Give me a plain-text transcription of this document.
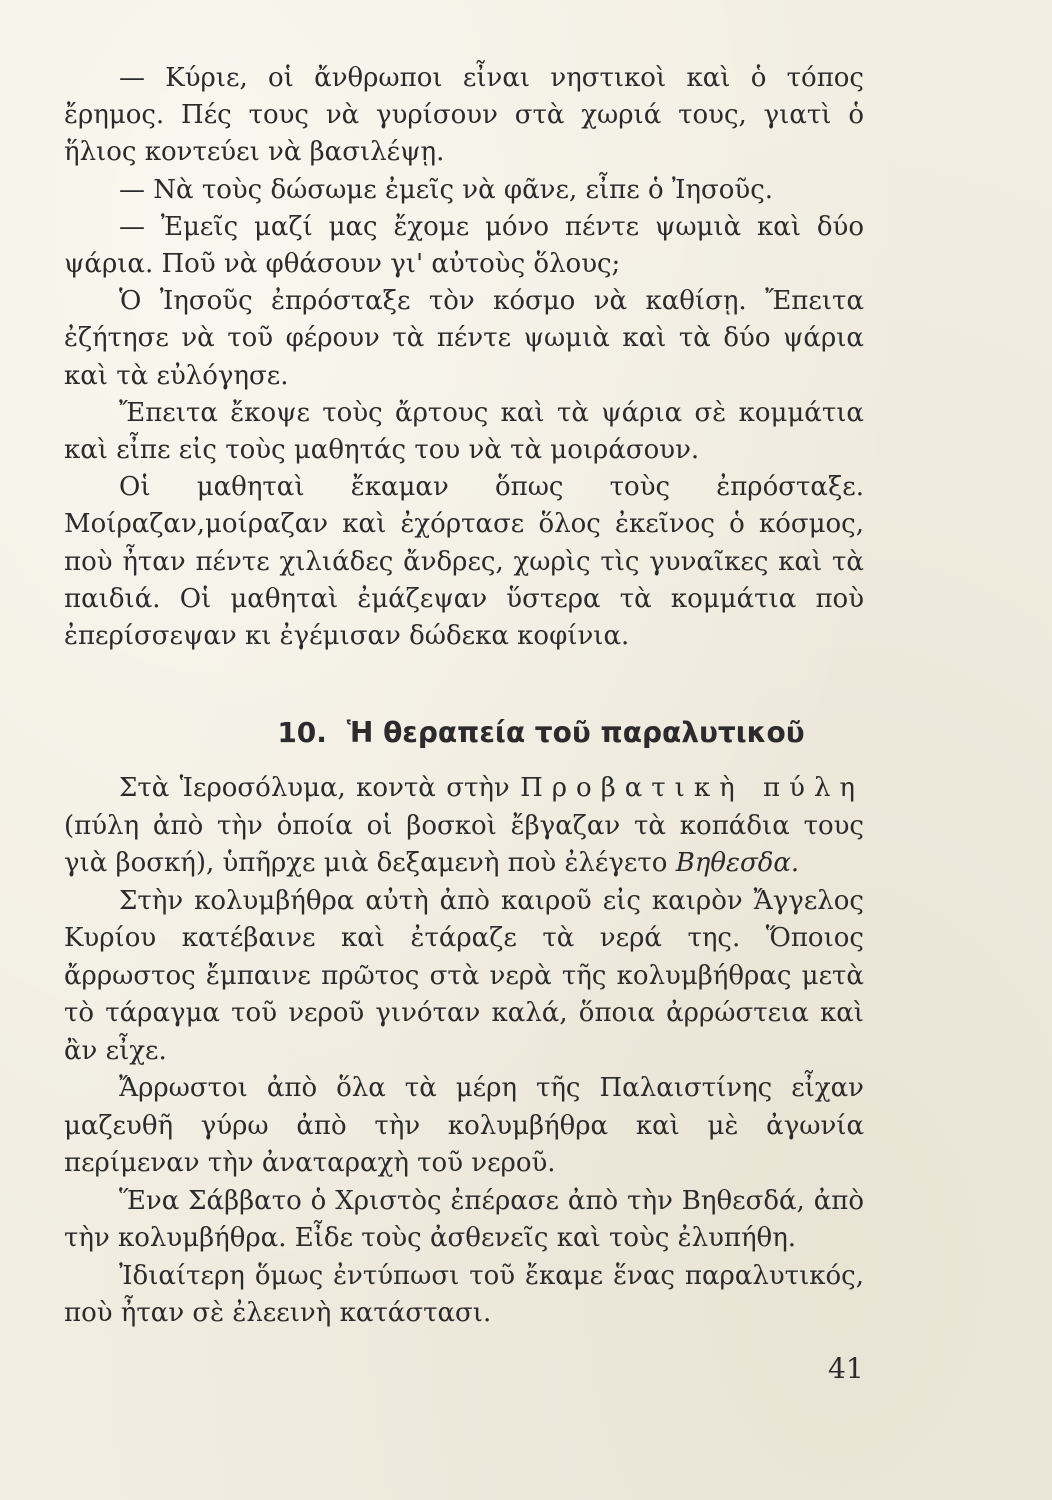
— Κύριε, οἱ ἄνθρωποι εἶναι νηστικοὶ καὶ ὁ τόπος ἔρημος. Πές τους νὰ γυρίσουν στὰ χωριά τους, γιατὶ ὁ ἥλιος κοντεύει νὰ βασιλέψῃ.

— Νὰ τοὺς δώσωμε ἐμεῖς νὰ φᾶνε, εἶπε ὁ Ἰησοῦς.

— Ἐμεῖς μαζί μας ἔχομε μόνο πέντε ψωμιὰ καὶ δύο ψάρια. Ποῦ νὰ φθάσουν γι' αὐτοὺς ὅλους;

Ὁ Ἰησοῦς ἐπρόσταξε τὸν κόσμο νὰ καθίσῃ. Ἔπειτα ἐζήτησε νὰ τοῦ φέρουν τὰ πέντε ψωμιὰ καὶ τὰ δύο ψάρια καὶ τὰ εὐλόγησε.

Ἔπειτα ἔκοψε τοὺς ἄρτους καὶ τὰ ψάρια σὲ κομμάτια καὶ εἶπε εἰς τοὺς μαθητάς του νὰ τὰ μοιράσουν.

Οἱ μαθηταὶ ἔκαμαν ὅπως τοὺς ἐπρόσταξε. Μοίραζαν,μοίραζαν καὶ ἐχόρτασε ὅλος ἐκεῖνος ὁ κόσμος, ποὺ ἦταν πέντε χιλιάδες ἄνδρες, χωρὶς τὶς γυναῖκες καὶ τὰ παιδιά. Οἱ μαθηταὶ ἐμάζεψαν ὕστερα τὰ κομμάτια ποὺ ἐπερίσσεψαν κι ἐγέμισαν δώδεκα κοφίνια.

10. Ἡ θεραπεία τοῦ παραλυτικοῦ

Στὰ Ἱεροσόλυμα, κοντὰ στὴν Προβατικὴ πύλη (πύλη ἀπὸ τὴν ὁποία οἱ βοσκοὶ ἔβγαζαν τὰ κοπάδια τους γιὰ βοσκή), ὑπῆρχε μιὰ δεξαμενὴ ποὺ ἐλέγετο Βηθεσδα.

Στὴν κολυμβήθρα αὐτὴ ἀπὸ καιροῦ εἰς καιρὸν Ἄγγελος Κυρίου κατέβαινε καὶ ἐτάραζε τὰ νερά της. Ὅποιος ἄρρωστος ἔμπαινε πρῶτος στὰ νερὰ τῆς κολυμβήθρας μετὰ τὸ τάραγμα τοῦ νεροῦ γινόταν καλά, ὅποια ἀρρώστεια καὶ ἂν εἶχε.

Ἄρρωστοι ἀπὸ ὅλα τὰ μέρη τῆς Παλαιστίνης εἶχαν μαζευθῆ γύρω ἀπὸ τὴν κολυμβήθρα καὶ μὲ ἀγωνία περίμεναν τὴν ἀναταραχὴ τοῦ νεροῦ.

Ἕνα Σάββατο ὁ Χριστὸς ἐπέρασε ἀπὸ τὴν Βηθεσδά, ἀπὸ τὴν κολυμβήθρα. Εἶδε τοὺς ἀσθενεῖς καὶ τοὺς ἐλυπήθη.

Ἰδιαίτερη ὅμως ἐντύπωσι τοῦ ἔκαμε ἕνας παραλυτικός, ποὺ ἦταν σὲ ἐλεεινὴ κατάστασι.

41
